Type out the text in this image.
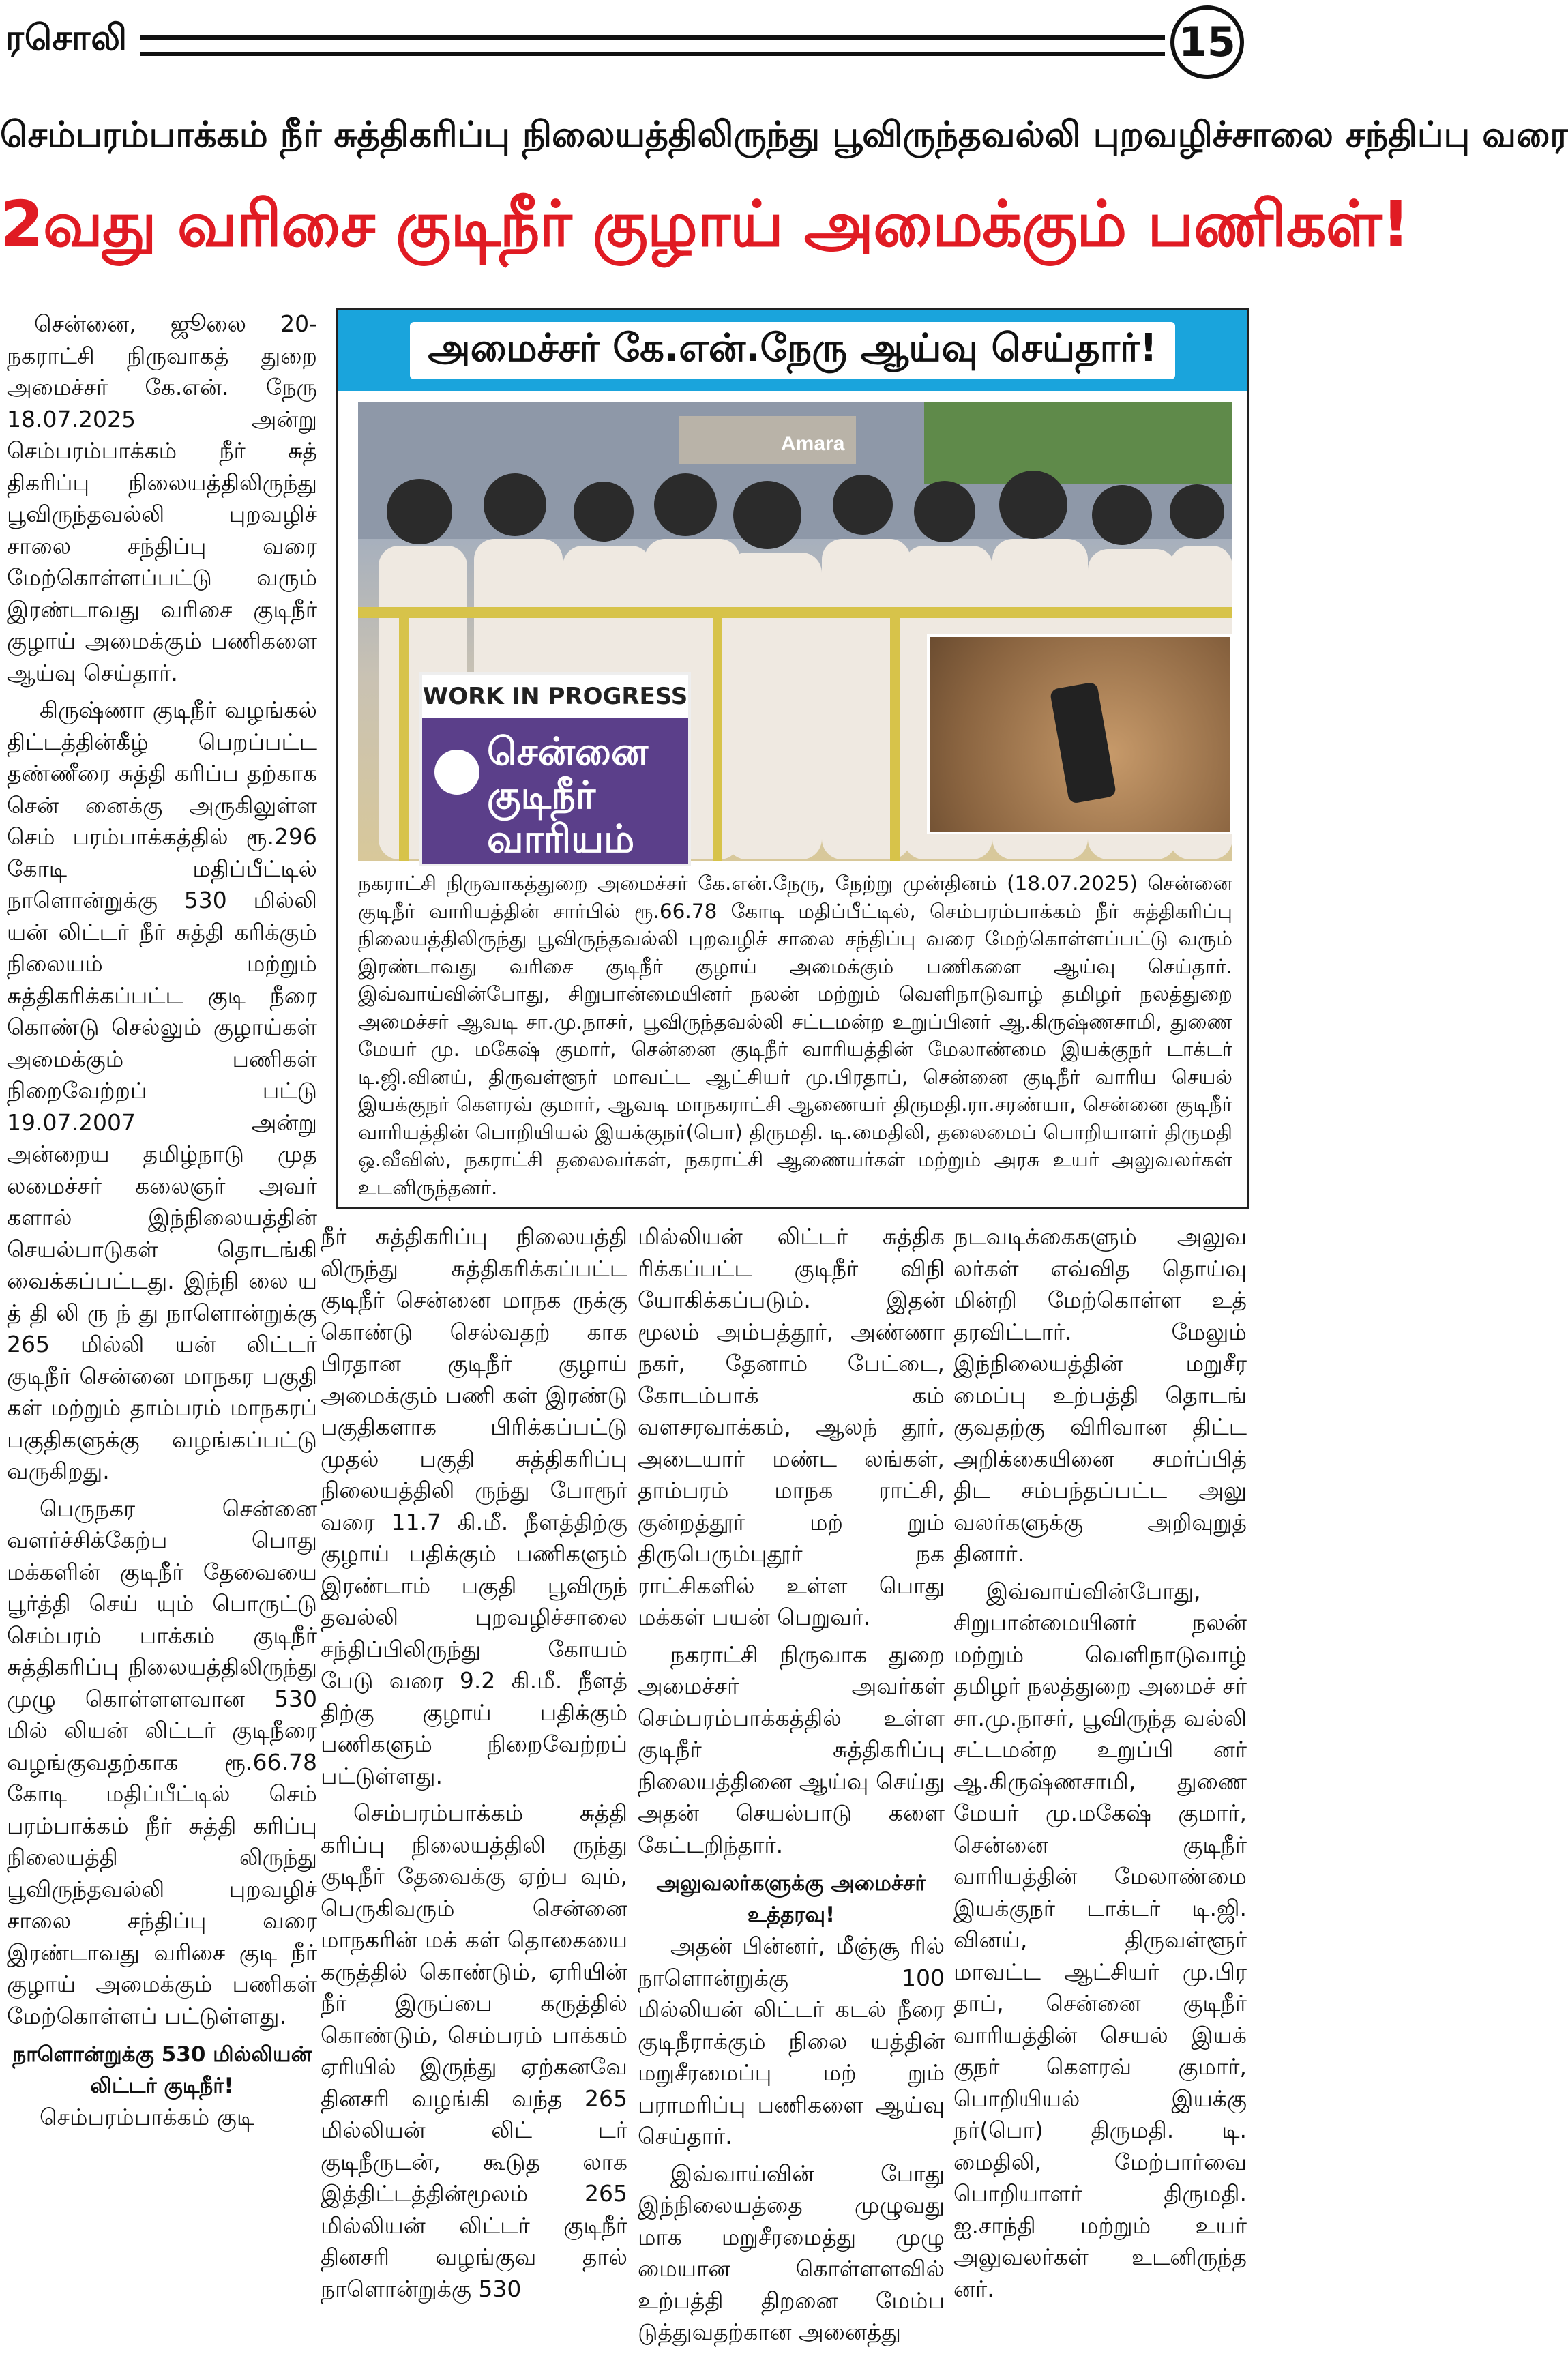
ரசொலி	15
செம்பரம்பாக்கம் நீர் சுத்திகரிப்பு நிலையத்திலிருந்து பூவிருந்தவல்லி புறவழிச்சாலை சந்திப்பு வரை
2வது வரிசை குடிநீர் குழாய் அமைக்கும் பணிகள்!

சென்னை, ஜூலை 20- நகராட்சி நிருவாகத் துறை அமைச்சர் கே.என். நேரு 18.07.2025 அன்று செம்பரம்பாக்கம் நீர் சுத் திகரிப்பு நிலையத்திலிருந்து பூவிருந்தவல்லி புறவழிச் சாலை சந்திப்பு வரை மேற்கொள்ளப்பட்டு வரும் இரண்டாவது வரிசை குடிநீர் குழாய் அமைக்கும் பணிகளை ஆய்வு செய்தார்.

கிருஷ்ணா குடிநீர் வழங்கல் திட்டத்தின்கீழ் பெறப்பட்ட தண்ணீரை சுத்தி கரிப்ப தற்காக சென் னைக்கு அருகிலுள்ள செம் பரம்பாக்கத்தில் ரூ.296 கோடி மதிப்பீட்டில் நாளொன்றுக்கு 530 மில்லி யன் லிட்டர் நீர் சுத்தி கரிக்கும் நிலையம் மற்றும் சுத்திகரிக்கப்பட்ட குடி நீரை கொண்டு செல்லும் குழாய்கள் அமைக்கும் பணிகள் நிறைவேற்றப் பட்டு 19.07.2007 அன்று அன்றைய தமிழ்நாடு முத லமைச்சர் கலைஞர் அவர் களால் இந்நிலையத்தின் செயல்பாடுகள் தொடங்கி வைக்கப்பட்டது. இந்நி லை ய த் தி லி ரு ந் து நாளொன்றுக்கு 265 மில்லி யன் லிட்டர் குடிநீர் சென்னை மாநகர பகுதி கள் மற்றும் தாம்பரம் மாநகரப் பகுதிகளுக்கு வழங்கப்பட்டு வருகிறது.

பெருநகர சென்னை வளர்ச்சிக்கேற்ப பொது மக்களின் குடிநீர் தேவையை பூர்த்தி செய் யும் பொருட்டு செம்பரம் பாக்கம் குடிநீர் சுத்திகரிப்பு நிலையத்திலிருந்து முழு கொள்ளளவான 530 மில் லியன் லிட்டர் குடிநீரை வழங்குவதற்காக ரூ.66.78 கோடி மதிப்பீட்டில் செம் பரம்பாக்கம் நீர் சுத்தி கரிப்பு நிலையத்தி லிருந்து பூவிருந்தவல்லி புறவழிச் சாலை சந்திப்பு வரை இரண்டாவது வரிசை குடி நீர் குழாய் அமைக்கும் பணிகள் மேற்கொள்ளப் பட்டுள்ளது.

நாளொன்றுக்கு 530 மில்லியன் லிட்டர் குடிநீர்!

செம்பரம்பாக்கம் குடி

அமைச்சர் கே.என்.நேரு ஆய்வு செய்தார்!
Amara
WORK IN PROGRESS
சென்னை
குடிநீர்
வாரியம்
நகராட்சி நிருவாகத்துறை அமைச்சர் கே.என்.நேரு, நேற்று முன்தினம் (18.07.2025) சென்னை குடிநீர் வாரியத்தின் சார்பில் ரூ.66.78 கோடி மதிப்பீட்டில், செம்பரம்பாக்கம் நீர் சுத்திகரிப்பு நிலையத்திலிருந்து பூவிருந்தவல்லி புறவழிச் சாலை சந்திப்பு வரை மேற்கொள்ளப்பட்டு வரும் இரண்டாவது வரிசை குடிநீர் குழாய் அமைக்கும் பணிகளை ஆய்வு செய்தார். இவ்வாய்வின்போது, சிறுபான்மையினர் நலன் மற்றும் வெளிநாடுவாழ் தமிழர் நலத்துறை அமைச்சர் ஆவடி சா.மு.நாசர், பூவிருந்தவல்லி சட்டமன்ற உறுப்பினர் ஆ.கிருஷ்ணசாமி, துணை மேயர் மு. மகேஷ் குமார், சென்னை குடிநீர் வாரியத்தின் மேலாண்மை இயக்குநர் டாக்டர் டி.ஜி.வினய், திருவள்ளூர் மாவட்ட ஆட்சியர் மு.பிரதாப், சென்னை குடிநீர் வாரிய செயல் இயக்குநர் கௌரவ் குமார், ஆவடி மாநகராட்சி ஆணையர் திருமதி.ரா.சரண்யா, சென்னை குடிநீர் வாரியத்தின் பொறியியல் இயக்குநர்(பொ) திருமதி. டி.மைதிலி, தலைமைப் பொறியாளர் திருமதி ஒ.வீவிஸ், நகராட்சி தலைவர்கள், நகராட்சி ஆணையர்கள் மற்றும் அரசு உயர் அலுவலர்கள் உடனிருந்தனர்.

நீர் சுத்திகரிப்பு நிலையத்தி லிருந்து சுத்திகரிக்கப்பட்ட குடிநீர் சென்னை மாநக ருக்கு கொண்டு செல்வதற் காக பிரதான குடிநீர் குழாய் அமைக்கும் பணி கள் இரண்டு பகுதிகளாக பிரிக்கப்பட்டு முதல் பகுதி சுத்திகரிப்பு நிலையத்திலி ருந்து போரூர் வரை 11.7 கி.மீ. நீளத்திற்கு குழாய் பதிக்கும் பணிகளும் இரண்டாம் பகுதி பூவிருந் தவல்லி புறவழிச்சாலை சந்திப்பிலிருந்து கோயம் பேடு வரை 9.2 கி.மீ. நீளத் திற்கு குழாய் பதிக்கும் பணிகளும் நிறைவேற்றப் பட்டுள்ளது.

செம்பரம்பாக்கம் சுத்தி கரிப்பு நிலையத்திலி ருந்து குடிநீர் தேவைக்கு ஏற்ப வும், பெருகிவரும் சென்னை மாநகரின் மக் கள் தொகையை கருத்தில் கொண்டும், ஏரியின் நீர் இருப்பை கருத்தில் கொண்டும், செம்பரம் பாக்கம் ஏரியில் இருந்து ஏற்கனவே தினசரி வழங்கி வந்த 265 மில்லியன் லிட் டர் குடிநீருடன், கூடுத லாக இத்திட்டத்தின்மூலம் 265 மில்லியன் லிட்டர் குடிநீர் தினசரி வழங்குவ தால் நாளொன்றுக்கு 530

மில்லியன் லிட்டர் சுத்திக ரிக்கப்பட்ட குடிநீர் விநி யோகிக்கப்படும். இதன் மூலம் அம்பத்தூர், அண்ணா நகர், தேனாம் பேட்டை, கோடம்பாக் கம் வளசரவாக்கம், ஆலந் தூர், அடையார் மண்ட லங்கள், தாம்பரம் மாநக ராட்சி, குன்றத்தூர் மற் றும் திருபெரும்புதூர் நக ராட்சிகளில் உள்ள பொது மக்கள் பயன் பெறுவர்.

நகராட்சி நிருவாக துறை அமைச்சர் அவர்கள் செம்பரம்பாக்கத்தில் உள்ள குடிநீர் சுத்திகரிப்பு நிலையத்தினை ஆய்வு செய்து அதன் செயல்பாடு களை கேட்டறிந்தார்.

அலுவலர்களுக்கு அமைச்சர் உத்தரவு!

அதன் பின்னர், மீஞ்சூ ரில் நாளொன்றுக்கு 100 மில்லியன் லிட்டர் கடல் நீரை குடிநீராக்கும் நிலை யத்தின் மறுசீரமைப்பு மற் றும் பராமரிப்பு பணிகளை ஆய்வு செய்தார்.

இவ்வாய்வின் போது இந்நிலையத்தை முழுவது மாக மறுசீரமைத்து முழு மையான கொள்ளளவில் உற்பத்தி திறனை மேம்ப டுத்துவதற்கான அனைத்து

நடவடிக்கைகளும் அலுவ லர்கள் எவ்வித தொய்வு மின்றி மேற்கொள்ள உத் தரவிட்டார். மேலும் இந்நிலையத்தின் மறுசீர மைப்பு உற்பத்தி தொடங் குவதற்கு விரிவான திட்ட அறிக்கையினை சமர்ப்பித் திட சம்பந்தப்பட்ட அலு வலர்களுக்கு அறிவுறுத் தினார்.

இவ்வாய்வின்போது, சிறுபான்மையினர் நலன் மற்றும் வெளிநாடுவாழ் தமிழர் நலத்துறை அமைச் சர் சா.மு.நாசர், பூவிருந்த வல்லி சட்டமன்ற உறுப்பி னர் ஆ.கிருஷ்ணசாமி, துணை மேயர் மு.மகேஷ் குமார், சென்னை குடிநீர் வாரியத்தின் மேலாண்மை இயக்குநர் டாக்டர் டி.ஜி. வினய், திருவள்ளூர் மாவட்ட ஆட்சியர் மு.பிர தாப், சென்னை குடிநீர் வாரியத்தின் செயல் இயக் குநர் கௌரவ் குமார், பொறியியல் இயக்கு நர்(பொ) திருமதி. டி. மைதிலி, மேற்பார்வை பொறியாளர் திருமதி. ஐ.சாந்தி மற்றும் உயர் அலுவலர்கள் உடனிருந்த னர்.
